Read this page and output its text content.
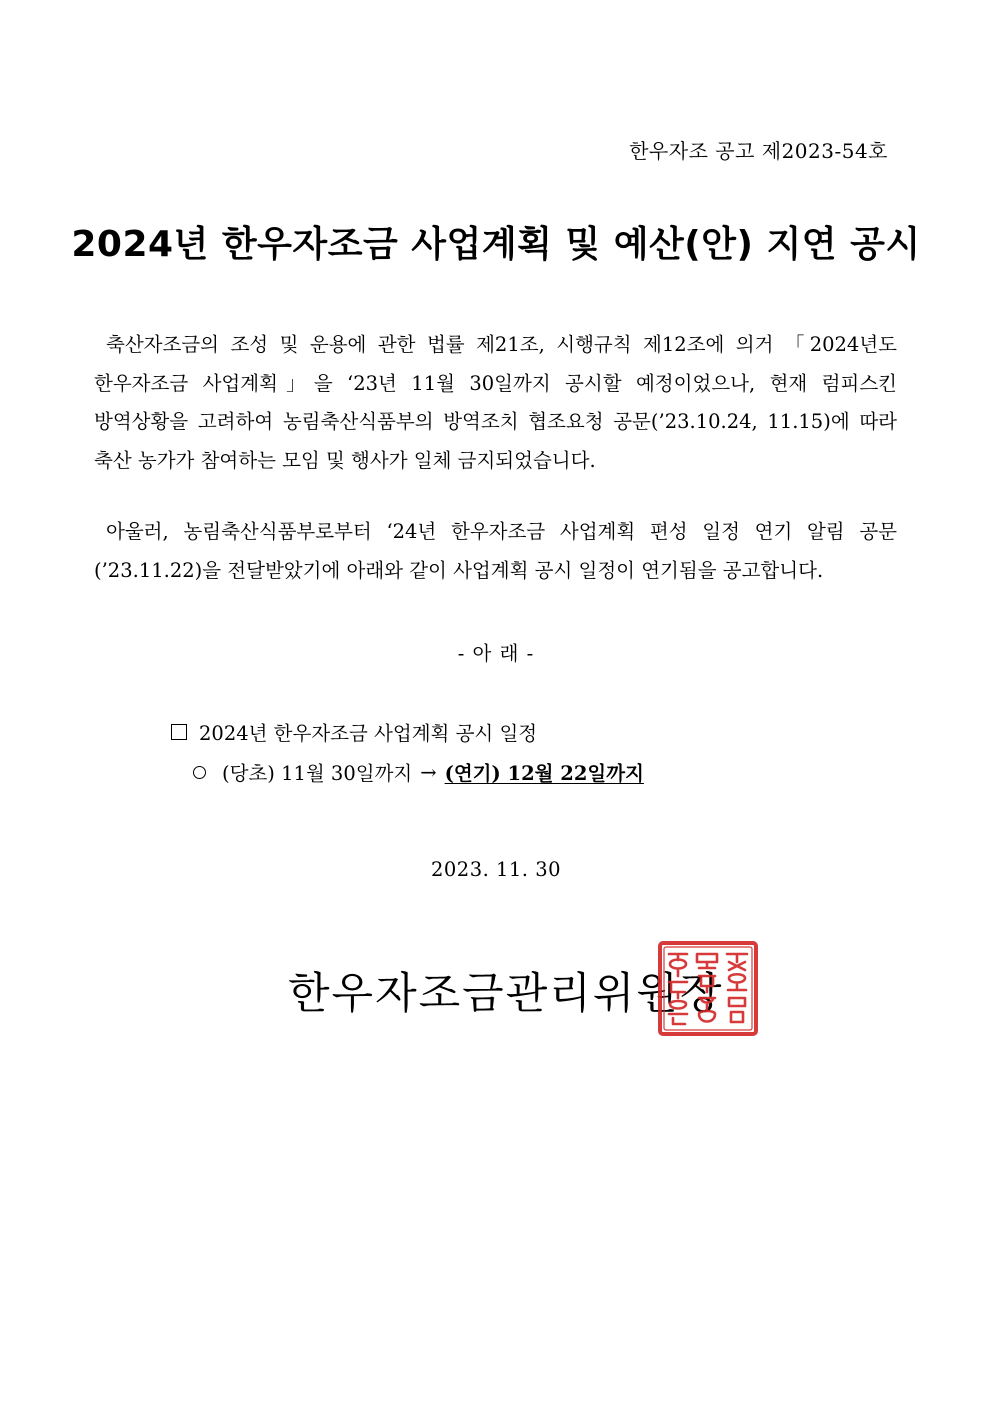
한우자조 공고 제2023-54호
2024년 한우자조금 사업계획 및 예산(안) 지연 공시

축산자조금의 조성 및 운용에 관한 법률 제21조, 시행규칙 제12조에 의거 「2024년도 한우자조금 사업계획」을 ‘23년 11월 30일까지 공시할 예정이었으나, 현재 럼피스킨 방역상황을 고려하여 농림축산식품부의 방역조치 협조요청 공문(’23.10.24, 11.15)에 따라 축산 농가가 참여하는 모임 및 행사가 일체 금지되었습니다.

아울러, 농림축산식품부로부터 ‘24년 한우자조금 사업계획 편성 일정 연기 알림 공문(’23.11.22)을 전달받았기에 아래와 같이 사업계획 공시 일정이 연기됨을 공고합니다.

- 아 래 -
2024년 한우자조금 사업계획 공시 일정
(당초) 11월 30일까지 → (연기) 12월 22일까지
2023. 11. 30
한우자조금관리위원장
